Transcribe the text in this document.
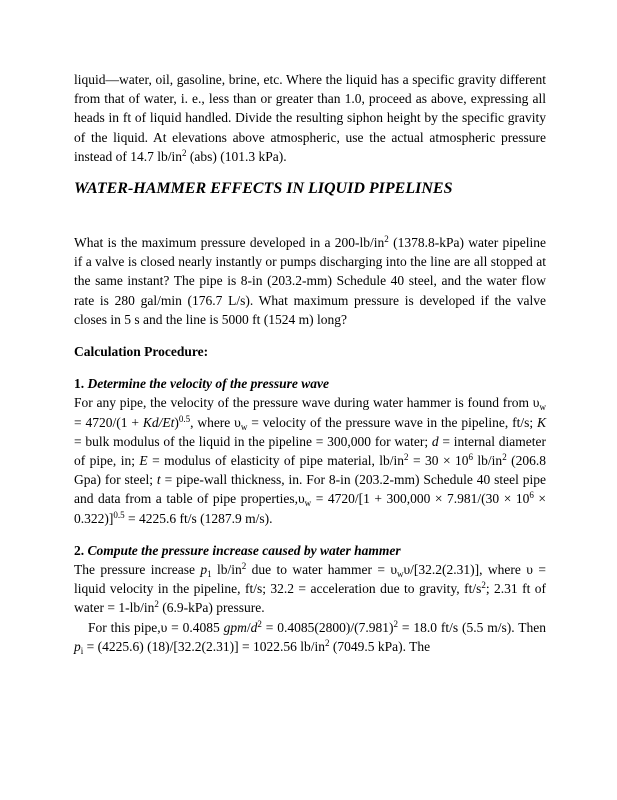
liquid—water, oil, gasoline, brine, etc. Where the liquid has a specific gravity different from that of water, i. e., less than or greater than 1.0, proceed as above, expressing all heads in ft of liquid handled. Divide the resulting siphon height by the specific gravity of the liquid. At elevations above atmospheric, use the actual atmospheric pressure instead of 14.7 $lb/in^2$ (abs) (101.3 kPa).

WATER-HAMMER EFFECTS IN LIQUID PIPELINES

What is the maximum pressure developed in a $200-lb/in^2$ (1378.8-kPa) water pipeline if a valve is closed nearly instantly or pumps discharging into the line are all stopped at the same instant? The pipe is 8-in (203.2-mm) Schedule 40 steel, and the water flow rate is 280 gal/min (176.7 L/s). What maximum pressure is developed if the valve closes in 5 s and the line is 5000 ft (1524 m) long?

Calculation Procedure:

1. Determine the velocity of the pressure wave

For any pipe, the velocity of the pressure wave during water hammer is found from $\upsilon_w = 4720/(1 + Kd/Et)^{0.5}$, where $\upsilon_w$ = velocity of the pressure wave in the pipeline, ft/s; K = bulk modulus of the liquid in the pipeline = 300,000 for water; d = internal diameter of pipe, in; E = modulus of elasticity of pipe material, $lb/in^2 = 30 \times 10^6$ $lb/in^2$ (206.8 Gpa) for steel; t = pipe-wall thickness, in. For 8-in (203.2-mm) Schedule 40 steel pipe and data from a table of pipe $properties,\upsilon_w = 4720/[1 + 300,000 \times 7.981/(30 \times 10^6 \times 0.322)]^{0.5} = 4225.6$ ft/s (1287.9 m/s).

2. Compute the pressure increase caused by water hammer

The pressure increase $p_1$ $lb/in^2$ due to water hammer = $\upsilon_w\upsilon/[32.2(2.31)]$, where υ = liquid velocity in the pipeline, ft/s; 32.2 = acceleration due to gravity, $ft/s^2$; 2.31 ft of water = $1-lb/in^2$ (6.9-kPa) pressure.

For this pipe,υ = 0.4085 gpm/$d^2 = 0.4085(2800)/(7.981)^2 = 18.0$ ft/s (5.5 m/s). Then $p_i = (4225.6) (18)/[32.2(2.31)] = 1022.56$ $lb/in^2$ (7049.5 kPa). The
